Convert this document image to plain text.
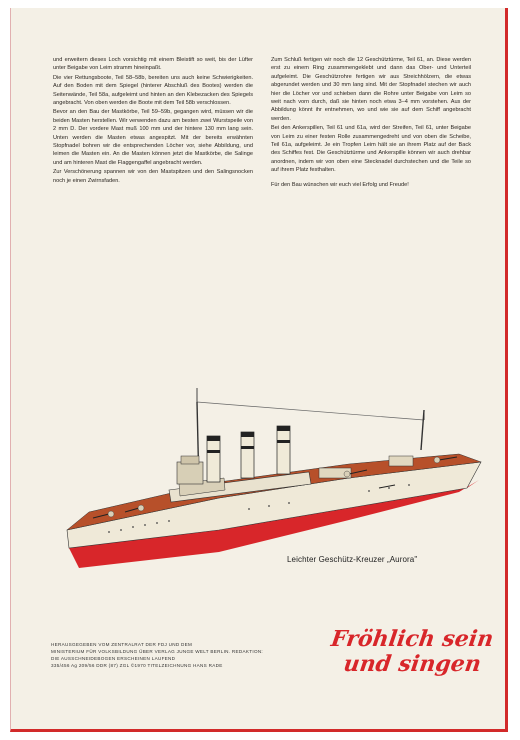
und erweitern dieses Loch vorsichtig mit einem Bleistift so weit, bis der Lüfter unter Beigabe von Leim stramm hineinpaßt.

Die vier Rettungsboote, Teil 58–58b, bereiten uns auch keine Schwierigkeiten. Auf den Boden mit dem Spiegel (hinterer Abschluß des Bootes) werden die Seitenwände, Teil 58a, aufgeleimt und hinten an den Klebezacken des Spiegels angebracht. Von oben werden die Boote mit dem Teil 58b verschlossen.

Bevor an den Bau der Mastkörbe, Teil 59–59b, gegangen wird, müssen wir die beiden Masten herstellen. Wir verwenden dazu am besten zwei Wurstspeile von 2 mm D. Der vordere Mast muß 100 mm und der hintere 130 mm lang sein. Unten werden die Masten etwas angespitzt. Mit der bereits erwähnten Stopfnadel bohren wir die entsprechenden Löcher vor, siehe Abbildung, und leimen die Masten ein. An die Masten können jetzt die Mastkörbe, die Salinge und am hinteren Mast die Flaggengaffel angebracht werden.

Zur Verschönerung spannen wir von den Mastspitzen und den Salingsnocken noch je einen Zwirnsfaden.

Zum Schluß fertigen wir noch die 12 Geschütztürme, Teil 61, an. Diese werden erst zu einem Ring zusammengeklebt und dann das Ober- und Unterteil aufgeleimt. Die Geschützrohre fertigen wir aus Streichhölzern, die etwas abgerundet werden und 30 mm lang sind. Mit der Stopfnadel stechen wir auch hier die Löcher vor und schieben dann die Rohre unter Beigabe von Leim so weit nach vorn durch, daß sie hinten noch etwa 3–4 mm vorstehen. Aus der Abbildung könnt ihr entnehmen, wo und wie sie auf dem Schiff angebracht werden.

Bei den Ankerspillen, Teil 61 und 61a, wird der Streifen, Teil 61, unter Beigabe von Leim zu einer festen Rolle zusammengedreht und von oben die Scheibe, Teil 61a, aufgeleimt. Je ein Tropfen Leim hält sie an ihrem Platz auf der Back des Schiffes fest. Die Geschütztürme und Ankerspille können wir auch drehbar anordnen, indem wir von oben eine Stecknadel durchstechen und die Teile so auf ihrem Platz festhalten.

Für den Bau wünschen wir euch viel Erfolg und Freude!

Leichter Geschütz-Kreuzer „Aurora"
HERAUSGEGEBEN VOM ZENTRALRAT DER FDJ UND DEM
MINISTERIUM FÜR VOLKSBILDUNG ÜBER VERLAG JUNGE WELT BERLIN. REDAKTION:
DIE AUSSCHNEIDEBOGEN ERSCHEINEN LAUFEND
335/456 Ag 209/56 DDR (87) ZGL ©1970 TITELZEICHNUNG HANS RADE
Fröhlich sein
und singen
